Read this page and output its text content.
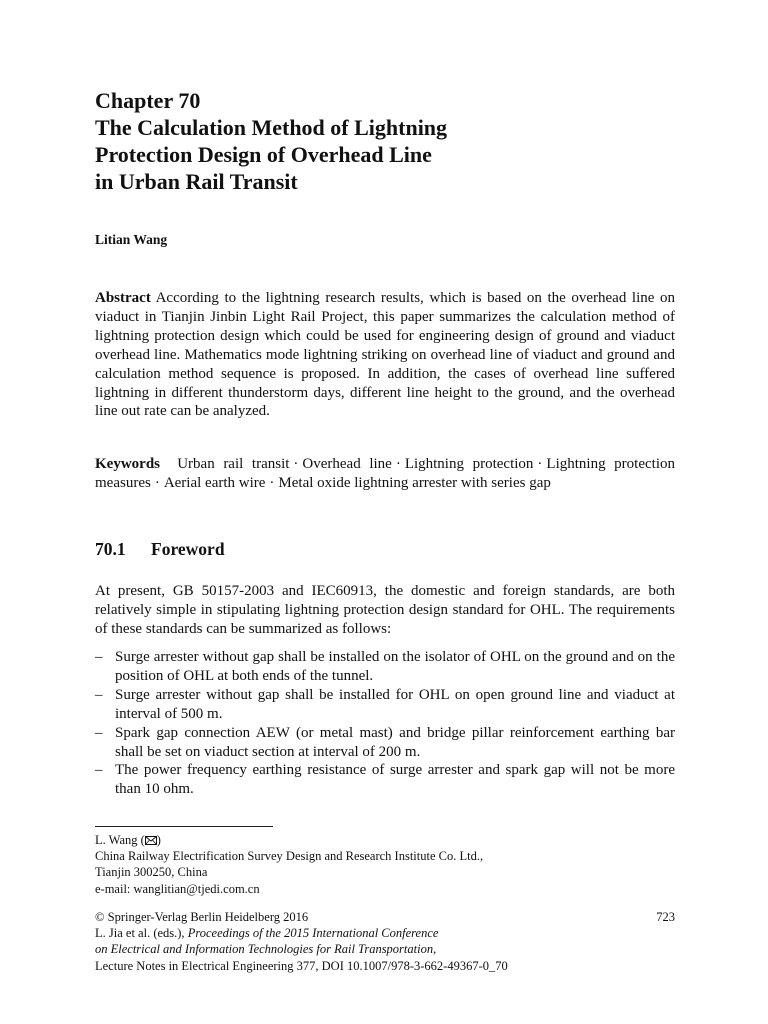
Chapter 70
The Calculation Method of Lightning
Protection Design of Overhead Line
in Urban Rail Transit
Litian Wang
Abstract According to the lightning research results, which is based on the overhead line on viaduct in Tianjin Jinbin Light Rail Project, this paper summarizes the calculation method of lightning protection design which could be used for engineering design of ground and viaduct overhead line. Mathematics mode lightning striking on overhead line of viaduct and ground and calculation method sequence is proposed. In addition, the cases of overhead line suffered lightning in different thunderstorm days, different line height to the ground, and the overhead line out rate can be analyzed.
Keywords Urban rail transit · Overhead line · Lightning protection · Lightning protection measures · Aerial earth wire · Metal oxide lightning arrester with series gap
70.1 Foreword
At present, GB 50157-2003 and IEC60913, the domestic and foreign standards, are both relatively simple in stipulating lightning protection design standard for OHL. The requirements of these standards can be summarized as follows:
– Surge arrester without gap shall be installed on the isolator of OHL on the ground and on the position of OHL at both ends of the tunnel.
– Surge arrester without gap shall be installed for OHL on open ground line and viaduct at interval of 500 m.
– Spark gap connection AEW (or metal mast) and bridge pillar reinforcement earthing bar shall be set on viaduct section at interval of 200 m.
– The power frequency earthing resistance of surge arrester and spark gap will not be more than 10 ohm.
L. Wang ( )
China Railway Electrification Survey Design and Research Institute Co. Ltd.,
Tianjin 300250, China
e-mail: wanglitian@tjedi.com.cn
© Springer-Verlag Berlin Heidelberg 2016	723
L. Jia et al. (eds.), Proceedings of the 2015 International Conference
on Electrical and Information Technologies for Rail Transportation,
Lecture Notes in Electrical Engineering 377, DOI 10.1007/978-3-662-49367-0_70
